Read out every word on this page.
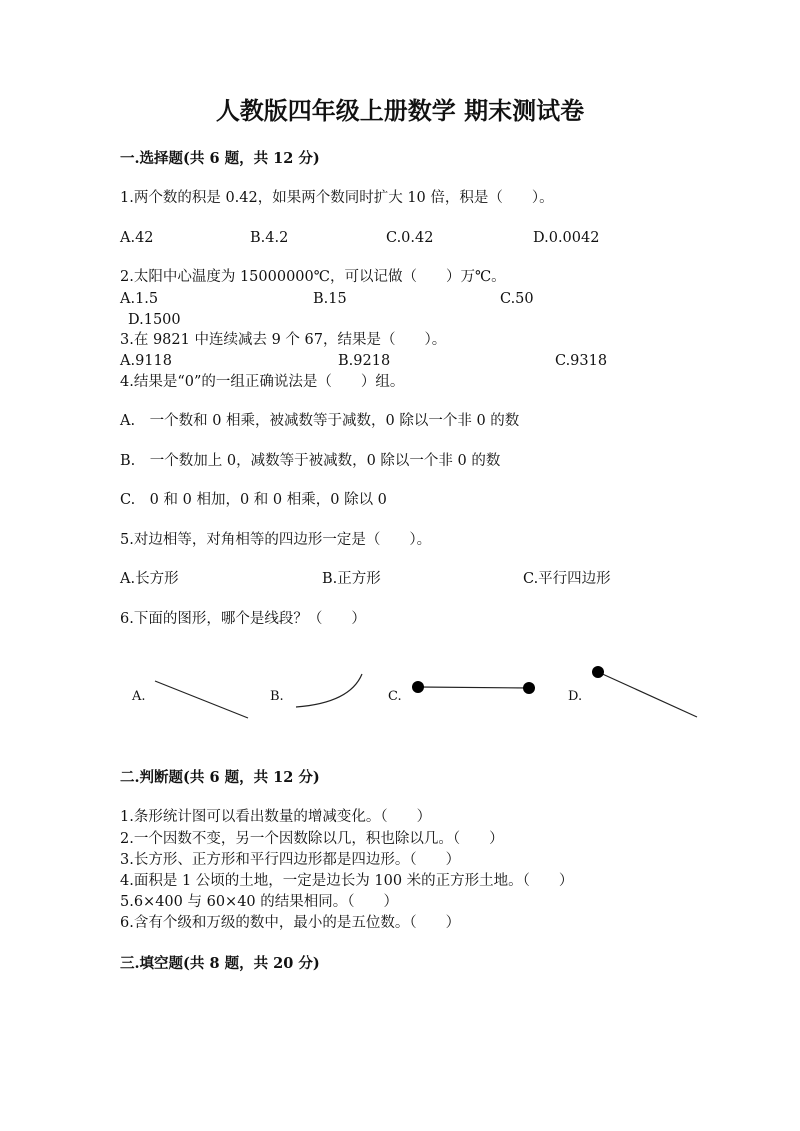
人教版四年级上册数学 期末测试卷
一.选择题(共 6 题，共 12 分)
1.两个数的积是 0.42，如果两个数同时扩大 10 倍，积是（　　）。
A.42	B.4.2	C.0.42	D.0.0042
2.太阳中心温度为 15000000℃，可以记做（　　）万℃。
A.1.5	B.15	C.50
D.1500
3.在 9821 中连续减去 9 个 67，结果是（　　）。
A.9118	B.9218	C.9318
4.结果是“0”的一组正确说法是（　　）组。
A.　一个数和 0 相乘，被减数等于减数，0 除以一个非 0 的数
B.　一个数加上 0，减数等于被减数，0 除以一个非 0 的数
C.　0 和 0 相加，0 和 0 相乘，0 除以 0
5.对边相等，对角相等的四边形一定是（　　）。
A.长方形	B.正方形	C.平行四边形
6.下面的图形，哪个是线段？（　　）
A.	B.	C.	D.
二.判断题(共 6 题，共 12 分)
1.条形统计图可以看出数量的增减变化。（　　）
2.一个因数不变，另一个因数除以几，积也除以几。（　　）
3.长方形、正方形和平行四边形都是四边形。（　　）
4.面积是 1 公顷的土地，一定是边长为 100 米的正方形土地。（　　）
5.6×400 与 60×40 的结果相同。（　　）
6.含有个级和万级的数中，最小的是五位数。（　　）
三.填空题(共 8 题，共 20 分)
